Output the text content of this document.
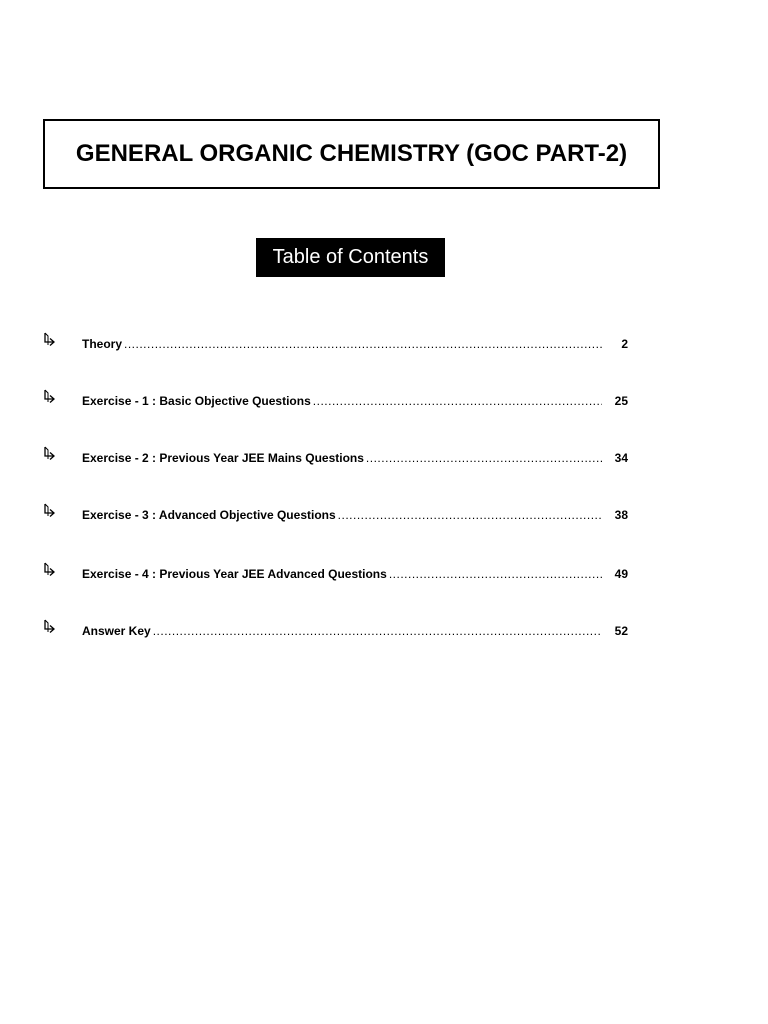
GENERAL ORGANIC CHEMISTRY (GOC PART-2)
Table of Contents
Theory .....	2
Exercise - 1 : Basic Objective Questions .....	25
Exercise - 2 : Previous Year JEE Mains Questions .....	34
Exercise - 3 : Advanced Objective Questions .....	38
Exercise - 4 : Previous Year JEE Advanced Questions .....	49
Answer Key .....	52
